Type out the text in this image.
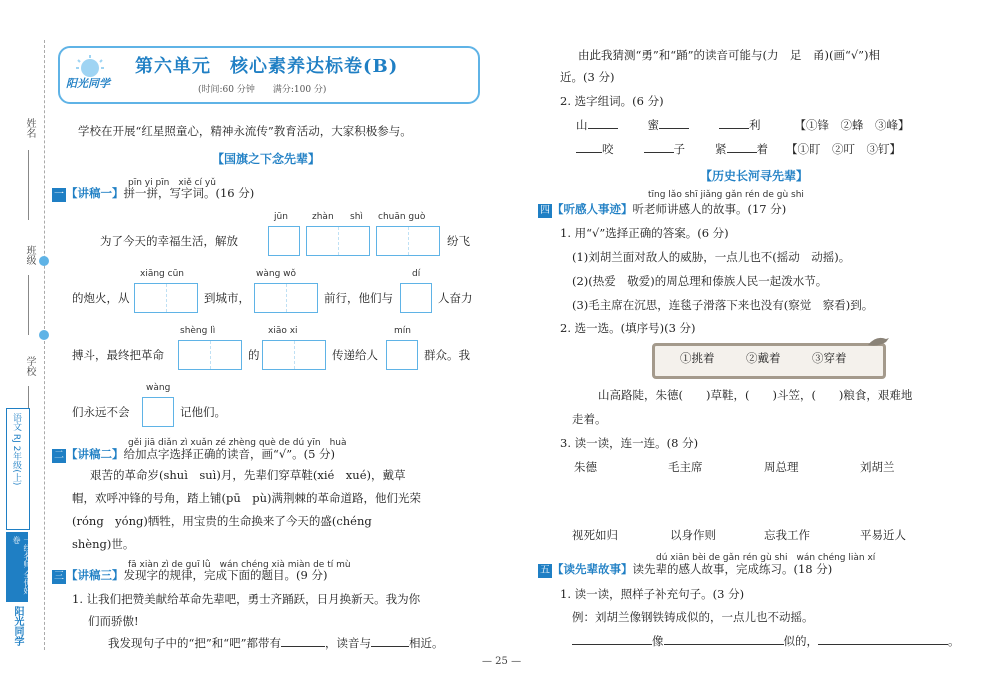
姓名
班级
学校
语文 RJ 2年级(上)
一线名师 全优好卷
阳光同学
阳光同学
第六单元　核心素养达标卷(B)
(时间:60 分钟　　满分:100 分)
学校在开展“红星照童心，精神永流传”教育活动，大家积极参与。
【国旗之下念先辈】
pīn yi pīn　xiě cí yǔ
一 【讲稿一】拼一拼，写字词。(16 分)
jūn	zhàn shì chuān guò
为了今天的幸福生活，解放	纷飞
xiāng cūn	wàng wǒ	dí
的炮火，从	到城市，	前行，他们与	人奋力
shèng lì	xiāo xi	mín
搏斗，最终把革命	的	传递给人	群众。我
wàng
们永远不会	记他们。
gěi jiā diǎn zì xuǎn zé zhèng què de dú yīn　huà
二 【讲稿二】给加点字选择正确的读音，画“√”。(5 分)
艰苦的革命岁(shuì　suì)月，先辈们穿草鞋(xié　xué)，戴草
帽，欢呼冲锋的号角，踏上铺(pū　pù)满荆棘的革命道路，他们光荣
(róng　yóng)牺牲，用宝贵的生命换来了今天的盛(chéng
shèng)世。
fā xiàn zì de guī lǜ　wán chéng xià miàn de tí mù
三 【讲稿三】发现字的规律，完成下面的题目。(9 分)
1. 让我们把赞美献给革命先辈吧，勇士齐踊跃，日月换新天。我为你
们而骄傲!
我发现句子中的“把”和“吧”都带有	，读音与	相近。
由此我猜测“勇”和“踊”的读音可能与(力　足　甬)(画“√”)相
近。(3 分)
2. 选字组词。(6 分)
山	蜜	利	【①锋　②蜂　③峰】
咬	子	紧	着 【①盯　②叮　③钉】
【历史长河寻先辈】
tīng lǎo shī jiǎng gǎn rén de gù shi
四 【听感人事迹】听老师讲感人的故事。(17 分)
1. 用“√”选择正确的答案。(6 分)
(1)刘胡兰面对敌人的威胁，一点儿也不(摇动　动摇)。
(2)(热爱　敬爱)的周总理和傣族人民一起泼水节。
(3)毛主席在沉思，连毯子滑落下来也没有(察觉　察看)到。
2. 选一选。(填序号)(3 分)
①挑着	②戴着	③穿着
山高路陡，朱德(　　)草鞋，(　　)斗笠，(　　)粮食，艰难地
走着。
3. 读一读，连一连。(8 分)
朱德	毛主席	周总理	刘胡兰
视死如归	以身作则	忘我工作	平易近人
dú xiān bèi de gǎn rén gù shi　wán chéng liàn xí
五 【读先辈故事】读先辈的感人故事，完成练习。(18 分)
1. 读一读，照样子补充句子。(3 分)
例：刘胡兰像钢铁铸成似的，一点儿也不动摇。
像	似的，	。
— 25 —
